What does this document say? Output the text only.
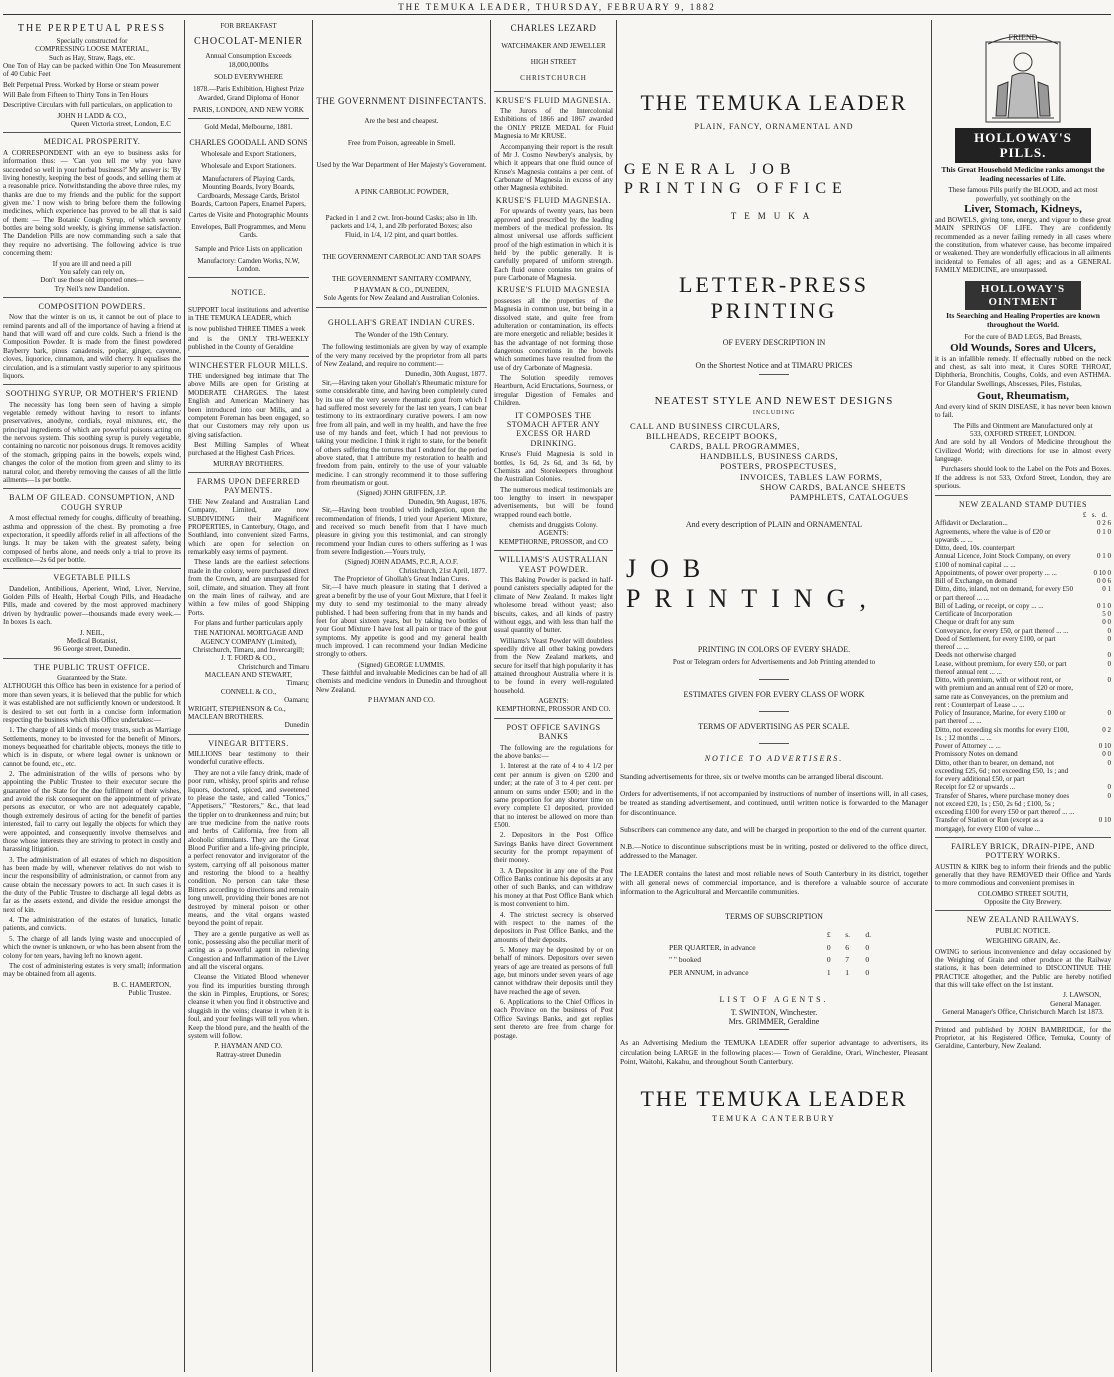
THE TEMUKA LEADER, THURSDAY, FEBRUARY 9, 1882
THE PERPETUAL PRESS
Specially constructed for
COMPRESSING LOOSE MATERIAL,
Such as Hay, Straw, Rags, etc.

One Ton of Hay can be packed within One Ton Measurement of 40 Cubic Feet

Belt Perpetual Press. Worked by Horse or steam power

Will Bale from Fifteen to Thirty Tons in Ten Hours

Descriptive Circulars with full particulars, on application to

JOHN H LADD & CO.,
Queen Victoria street, London, E.C
MEDICAL PROSPERITY.

A CORRESPONDENT with an eye to business asks for information thus: — 'Can you tell me why you have succeeded so well in your herbal business?' My answer is: 'By living honestly, keeping the best of goods, and selling them at a reasonable price. Notwithstanding the above three rules, my thanks are due to my friends and the public for the support given me.' I now wish to bring before them the following medicines, which experience has proved to be all that is said of them: — The Botanic Cough Syrup, of which seventy bottles are being sold weekly, is giving immense satisfaction. The Dandelion Pills are now commanding such a sale that they require no advertising. The following advice is true concerning them:

If you are ill and need a pill
You safely can rely on,
Don't use those old imported ones—
Try Neil's new Dandelion.
COMPOSITION POWDERS.

Now that the winter is on us, it cannot be out of place to remind parents and all of the importance of having a friend at hand that will ward off and cure colds. Such a friend is the Composition Powder. It is made from the finest powdered Bayberry bark, pinus canadensis, poplar, ginger, cayenne, cloves, liquorice, cinnamon, and wild cherry. It equalises the circulation, and is a stimulant vastly superior to any spirituous liquors.

SOOTHING SYRUP, OR MOTHER'S FRIEND

The necessity has long been seen of having a simple vegetable remedy without having to resort to infants' preservatives, anodyne, cordials, royal mixtures, etc, the principal ingredients of which are powerful poisons acting on the nervous system. This soothing syrup is purely vegetable, containing no narcotic nor poisonous drugs. It removes acidity of the stomach, gripping pains in the bowels, expels wind, changes the color of the motion from green and slimy to its natural color, and thereby removing the causes of all the little ailments—1s per bottle.

BALM OF GILEAD. CONSUMPTION, AND COUGH SYRUP

A most effectual remedy for coughs, difficulty of breathing, asthma and oppression of the chest. By promoting a free expectoration, it speedily affords relief in all affections of the lungs. It may be taken with the greatest safety, being composed of herbs alone, and needs only a trial to prove its excellence—2s 6d per bottle.

VEGETABLE PILLS

Dandelion, Antibilious, Aperient, Wind, Liver, Nervine, Golden Pills of Health, Herbal Cough Pills, and Headache Pills, made and covered by the most approved machinery driven by hydraulic power—thousands made every week.— In boxes 1s each.

J. NEIL,
Medical Botanist,
96 George street, Dunedin.
THE PUBLIC TRUST OFFICE.
Guaranteed by the State.

ALTHOUGH this Office has been in existence for a period of more than seven years, it is believed that the public for which it was established are not sufficiently known or understood. It is desired to set out forth in a concise form information respecting the business which this Office undertakes:—

1. The charge of all kinds of money trusts, such as Marriage Settlements, money to be invested for the benefit of Minors, moneys bequeathed for charitable objects, moneys the title to which is in dispute, or where legal owner is unknown or cannot be found, etc., etc.

2. The administration of the wills of persons who by appointing the Public Trustee to their executor secure the guarantee of the State for the due fulfilment of their wishes, and avoid the risk consequent on the appointment of private persons as executor, or who are not adequately capable, though extremely desirous of acting for the benefit of parties interested, fail to carry out legally the objects for which they were appointed, and consequently involve themselves and those whose interests they are striving to protect in costly and harassing litigation.

3. The administration of all estates of which no disposition has been made by will, whenever relatives do not wish to incur the responsibility of administration, or cannot from any cause obtain the necessary powers to act. In such cases it is the duty of the Public Trustee to discharge all legal debts as far as the assets extend, and divide the residue amongst the next of kin.

4. The administration of the estates of lunatics, lunatic patients, and convicts.

5. The charge of all lands lying waste and unoccupied of which the owner is unknown, or who has been absent from the colony for ten years, having left no known agent.

The cost of administering estates is very small; information may be obtained from all agents.

B. C. HAMERTON,
Public Trustee.
FOR BREAKFAST
CHOCOLAT-MENIER
Annual Consumption Exceeds 18,000,000lbs
SOLD EVERYWHERE
1878.—Paris Exhibition, Highest Prize Awarded, Grand Diploma of Honor
PARIS, LONDON, AND NEW YORK
Gold Medal, Melbourne, 1881.
CHARLES GOODALL AND SONS
Wholesale and Export Stationers,
Wholesale and Export Stationers.
Manufacturers of Playing Cards, Mounting Boards, Ivory Boards, Cardboards, Message Cards, Bristol Boards, Cartoon Papers, Enamel Papers,
Cartes de Visite and Photographic Mounts
Envelopes, Ball Programmes, and Menu Cards.
Sample and Price Lists on application
Manufactory: Camden Works, N.W, London.
NOTICE.

SUPPORT local institutions and advertise in THE TEMUKA LEADER, which

is now published THREE TIMES a week

and is the ONLY TRI-WEEKLY published in the County of Geraldine

WINCHESTER FLOUR MILLS.

THE undersigned beg intimate that The above Mills are open for Gristing at MODERATE CHARGES. The latest English and American Machinery has been introduced into our Mills, and a competent Foreman has been engaged, so that our Customers may rely upon us giving satisfaction.

Best Milling Samples of Wheat purchased at the Highest Cash Prices.

MURRAY BROTHERS.
FARMS UPON DEFERRED PAYMENTS.

THE New Zealand and Australian Land Company, Limited, are now SUBDIVIDING their Magnificent PROPERTIES, in Canterbury, Otago, and Southland, into convenient sized Farms, which are open for selection on remarkably easy terms of payment.

These lands are the earliest selections made in the colony, were purchased direct from the Crown, and are unsurpassed for soil, climate, and situation. They all front on the main lines of railway, and are within a few miles of good Shipping Ports.

For plans and further particulars apply

THE NATIONAL MORTGAGE AND AGENCY COMPANY (Limited),
Christchurch, Timaru, and Invercargill;
J. T. FORD & CO.,
Christchurch and Timaru
MACLEAN AND STEWART,
Timaru;
CONNELL & CO.,
Oamaru;
WRIGHT, STEPHENSON & Co.,
MACLEAN BROTHERS.
Dunedin
VINEGAR BITTERS.

MILLIONS bear testimony to their wonderful curative effects.

They are not a vile fancy drink, made of poor rum, whisky, proof spirits and refuse liquors, doctored, spiced, and sweetened to please the taste, and called "Tonics," "Appetisers," "Restorers," &c., that lead the tippler on to drunkenness and ruin; but are true medicine from the native roots and herbs of California, free from all alcoholic stimulants. They are the Great Blood Purifier and a life-giving principle, a perfect renovator and invigorator of the system, carrying off all poisonous matter and restoring the blood to a healthy condition. No person can take these Bitters according to directions and remain long unwell, providing their bones are not destroyed by mineral poison or other means, and the vital organs wasted beyond the point of repair.

They are a gentle purgative as well as tonic, possessing also the peculiar merit of acting as a powerful agent in relieving Congestion and Inflammation of the Liver and all the visceral organs.

Cleanse the Vitiated Blood whenever you find its impurities bursting through the skin in Pimples, Eruptions, or Sores; cleanse it when you find it obstructive and sluggish in the veins; cleanse it when it is foul, and your feelings will tell you when. Keep the blood pure, and the health of the system will follow.

P. HAYMAN AND CO.
Rattray-street Dunedin
THE GOVERNMENT DISINFECTANTS.
Are the best and cheapest.
Free from Poison, agreeable in Smell.
Used by the War Department of Her Majesty's Government.
A PINK CARBOLIC POWDER,
Packed in 1 and 2 cwt. Iron-bound Casks; also in 1lb. packets and 1/4, 1, and 2lb perforated Boxes; also Fluid, in 1/4, 1/2 pint, and quart bottles.
THE GOVERNMENT CARBOLIC AND TAR SOAPS
THE GOVERNMENT SANITARY COMPANY,
P HAYMAN & CO., DUNEDIN,
Sole Agents for New Zealand and Australian Colonies.
GHOLLAH'S GREAT INDIAN CURES.
The Wonder of the 19th Century.

The following testimonials are given by way of example of the very many received by the proprietor from all parts of New Zealand, and require no comment:—

Dunedin, 30th August, 1877.

Sir,—Having taken your Ghollah's Rheumatic mixture for some considerable time, and having been completely cured by its use of the very severe rheumatic gout from which I had suffered most severely for the last ten years, I can bear testimony to its extraordinary curative powers. I am now free from all pain, and well in my health, and have the free use of my hands and feet, which I had not previous to taking your medicine. I think it right to state, for the benefit of others suffering the tortures that I endured for the period above stated, that I attribute my restoration to health and freedom from pain, entirely to the use of your valuable medicine. I can strongly recommend it to those suffering from rheumatism or gout.

(Signed) JOHN GRIFFEN, J.P.
Dunedin, 9th August, 1876.

Sir,—Having been troubled with indigestion, upon the recommendation of friends, I tried your Aperient Mixture, and received so much benefit from that I have much pleasure in giving you this testimonial, and can strongly recommend your Indian cures to others suffering as I was from severe Indigestion.—Yours truly,

(Signed) JOHN ADAMS, P.C.R, A.O.F.
Christchurch, 21st April, 1877.
The Proprietor of Ghollah's Great Indian Cures.

Sir,—I have much pleasure in stating that I derived a great a benefit by the use of your Gout Mixture, that I feel it my duty to send my testimonial to the many already published. I had been suffering from that in my hands and feet for about sixteen years, but by taking two bottles of your Gout Mixture I have lost all pain or trace of the gout symptoms. My appetite is good and my general health much improved. I can recommend your Indian Medicine strongly to others.

(Signed) GEORGE LUMMIS.

These faithful and invaluable Medicines can be had of all chemists and medicine vendors in Dunedin and throughout New Zealand.

P HAYMAN AND CO.
CHARLES LEZARD
WATCHMAKER AND JEWELLER
HIGH STREET
CHRISTCHURCH
KRUSE'S FLUID MAGNESIA.

The Jurors of the Intercolonial Exhibitions of 1866 and 1867 awarded the ONLY PRIZE MEDAL for Fluid Magnesia to Mr KRUSE.

Accompanying their report is the result of Mr J. Cosmo Newbery's analysis, by which it appears that one fluid ounce of Kruse's Magnesia contains a per cent. of Carbonate of Magnesia in excess of any other Magnesia exhibited.

KRUSE'S FLUID MAGNESIA.

For upwards of twenty years, has been approved and prescribed by the leading members of the medical profession. Its almost universal use affords sufficient proof of the high estimation in which it is held by the public generally. It is carefully prepared of uniform strength. Each fluid ounce contains ten grains of pure Carbonate of Magnesia.

KRUSE'S FLUID MAGNESIA

possesses all the properties of the Magnesia in common use, but being in a dissolved state, and quite free from adulteration or contamination, its effects are more energetic and reliable; besides it has the advantage of not forming those dangerous concretions in the bowels which sometimes have resulted from the use of dry Carbonate of Magnesia.

The Solution speedily removes Heartburn, Acid Eructations, Sourness, or irregular Digestion of Females and Children.

IT COMPOSES THE STOMACH AFTER ANY EXCESS OR HARD DRINKING.

Kruse's Fluid Magnesia is sold in bottles, 1s 6d, 2s 6d, and 3s 6d, by Chemists and Storekeepers throughout the Australian Colonies.

The numerous medical testimonials are too lengthy to insert in newspaper advertisements, but will be found wrapped round each bottle.

chemists and druggists Colony.
AGENTS:
KEMPTHORNE, PROSSOR, and CO
WILLIAMS'S AUSTRALIAN YEAST POWDER.

This Baking Powder is packed in half-pound canisters specially adapted for the climate of New Zealand. It makes light wholesome bread without yeast; also biscuits, cakes, and all kinds of pastry without eggs, and with less than half the usual quantity of butter.

Williams's Yeast Powder will doubtless speedily drive all other baking powders from the New Zealand markets, and secure for itself that high popularity it has attained throughout Australia where it is to be found in every well-regulated household.

AGENTS:
KEMPTHORNE, PROSSOR AND CO.
POST OFFICE SAVINGS BANKS

The following are the regulations for the above banks:—

1. Interest at the rate of 4 to 4 1/2 per cent per annum is given on £200 and under; at the rate of 3 to 4 per cent. per annum on sums under £500; and in the same proportion for any shorter time on every complete £1 deposited, provided that no interest be allowed on more than £500.

2. Depositors in the Post Office Savings Banks have direct Government security for the prompt repayment of their money.

3. A Depositor in any one of the Post Office Banks continue his deposits at any other of such Banks, and can withdraw his money at that Post Office Bank which is most convenient to him.

4. The strictest secrecy is observed with respect to the names of the depositors in Post Office Banks, and the amounts of their deposits.

5. Money may be deposited by or on behalf of minors. Depositors over seven years of age are treated as persons of full age, but minors under seven years of age cannot withdraw their deposits until they have reached the age of seven.

6. Applications to the Chief Offices in each Province on the business of Post Office Savings Banks, and get replies sent thereto are free from charge for postage.

THE TEMUKA LEADER
PLAIN, FANCY, ORNAMENTAL AND
GENERAL JOB PRINTING OFFICE
TEMUKA
LETTER-PRESS PRINTING
OF EVERY DESCRIPTION IN
On the Shortest Notice and at TIMARU PRICES
NEATEST STYLE AND NEWEST DESIGNS
INCLUDING
CALL AND BUSINESS CIRCULARS,
BILLHEADS, RECEIPT BOOKS,
CARDS, BALL PROGRAMMES,
HANDBILLS, BUSINESS CARDS,
POSTERS, PROSPECTUSES,
INVOICES, TABLES LAW FORMS,
SHOW CARDS, BALANCE SHEETS
PAMPHLETS, CATALOGUES
And every description of PLAIN and ORNAMENTAL
JOB PRINTING,
PRINTING IN COLORS OF EVERY SHADE.
Post or Telegram orders for Advertisements and Job Printing attended to
ESTIMATES GIVEN FOR EVERY CLASS OF WORK
TERMS OF ADVERTISING AS PER SCALE.
NOTICE TO ADVERTISERS.
Standing advertisements for three, six or twelve months can be arranged liberal discount.
Orders for advertisements, if not accompanied by instructions of number of insertions will, in all cases, be treated as standing advertisement, and continued, until written notice is forwarded to the Manager for discontinuance.
Subscribers can commence any date, and will be charged in proportion to the end of the current quarter.
N.B.—Notice to discontinue subscriptions must be in writing, posted or delivered to the office direct, addressed to the Manager.
The LEADER contains the latest and most reliable news of South Canterbury in its district, together with all general news of commercial importance, and is therefore a valuable source of accurate information to the Agricultural and Mercantile communities.
TERMS OF SUBSCRIPTION
	£	s.	d.
PER QUARTER, in advance	0	6	0
" " booked	0	7	0
PER ANNUM, in advance	1	1	0
LIST OF AGENTS.
T. SWINTON, Winchester.
Mrs. GRIMMER, Geraldine
As an Advertising Medium the TEMUKA LEADER offer superior advantage to advertisers, its circulation being LARGE in the following places:— Town of Geraldine, Orari, Winchester, Pleasant Point, Waitohi, Kakahu, and throughout South Canterbury.
THE TEMUKA LEADER
TEMUKA CANTERBURY
FRIEND
HOLLOWAY'S PILLS.
This Great Household Medicine ranks amongst the leading necessaries of Life.
These famous Pills purify the BLOOD, and act most powerfully, yet soothingly on the
Liver, Stomach, Kidneys,

and BOWELS, giving tone, energy, and vigour to these great MAIN SPRINGS OF LIFE. They are confidently recommended as a never failing remedy in all cases where the constitution, from whatever cause, has become impaired or weakened. They are wonderfully efficacious in all ailments incidental to Females of all ages; and as a GENERAL FAMILY MEDICINE, are unsurpassed.

HOLLOWAY'S OINTMENT
Its Searching and Healing Properties are known throughout the World.
For the cure of BAD LEGS, Bad Breasts,
Old Wounds, Sores and Ulcers,

it is an infallible remedy. If effectually rubbed on the neck and chest, as salt into meat, it Cures SORE THROAT, Diphtheria, Bronchitis, Coughs, Colds, and even ASTHMA. For Glandular Swellings, Abscesses, Piles, Fistulas,

Gout, Rheumatism,

And every kind of SKIN DISEASE, it has never been known to fail.

The Pills and Ointment are Manufactured only at
533, OXFORD STREET, LONDON.

And are sold by all Vendors of Medicine throughout the Civilized World; with directions for use in almost every language.

Purchasers should look to the Label on the Pots and Boxes. If the address is not 533, Oxford Street, London, they are spurious.

NEW ZEALAND STAMP DUTIES
£ s. d.
Affidavit or Declaration...	0 2 6
Agreements, where the value is of £20 or upwards ... ...	0 1 0
Ditto, deed, 10s. counterpart	
Annual Licence, Joint Stock Company, on every £100 of nominal capital ... ...	0 1 0
Appointments, of power over property ... ...	0 10 0
Bill of Exchange, on demand	0 0 6
Ditto, ditto, inland, not on demand, for every £50 or part thereof ... ...	0 1
Bill of Lading, or receipt, or copy ... ...	0 1 0
Certificate of Incorporation	5 0
Cheque or draft for any sum	0 0
Conveyance, for every £50, or part thereof ... ...	0
Deed of Settlement, for every £100, or part thereof ... ...	0
Deeds not otherwise charged	0
Lease, without premium, for every £50, or part thereof annual rent ... ...	0
Ditto, with premium, with or without rent, or with premium and an annual rent of £20 or more, same rate as Conveyances, on the premium and rent : Counterpart of Lease ... ...	0
Policy of Insurance, Marine, for every £100 or part thereof ... ...	0
Ditto, not exceeding six months for every £100, 1s. ; 12 months ... ...	0 2
Power of Attorney ... ...	0 10
Promissory Notes on demand	0 0
Ditto, other than to bearer, on demand, not exceeding £25, 6d ; not exceeding £50, 1s ; and for every additional £50, or part	0
Receipt for £2 or upwards ...	0
Transfer of Shares, where purchase money does not exceed £20, 1s ; £50, 2s 6d ; £100, 5s ; exceeding £100 for every £50 or part thereof ... ...	0
Transfer of Station or Run (except as a mortgage), for every £100 of value ...	0 10
FAIRLEY BRICK, DRAIN-PIPE, AND POTTERY WORKS.

AUSTIN & KIRK beg to inform their friends and the public generally that they have REMOVED their Office and Yards to more commodious and convenient premises in

COLOMBO STREET SOUTH,
Opposite the City Brewery.
NEW ZEALAND RAILWAYS.
PUBLIC NOTICE.
WEIGHING GRAIN, &c.

OWING to serious inconvenience and delay occasioned by the Weighing of Grain and other produce at the Railway stations, it has been determined to DISCONTINUE THE PRACTICE altogether, and the Public are hereby notified that this will take effect on the 1st instant.

J. LAWSON,
General Manager.
General Manager's Office, Christchurch March 1st 1873.

Printed and published by JOHN BAMBRIDGE, for the Proprietor, at his Registered Office, Temuka, County of Geraldine, Canterbury, New Zealand.
